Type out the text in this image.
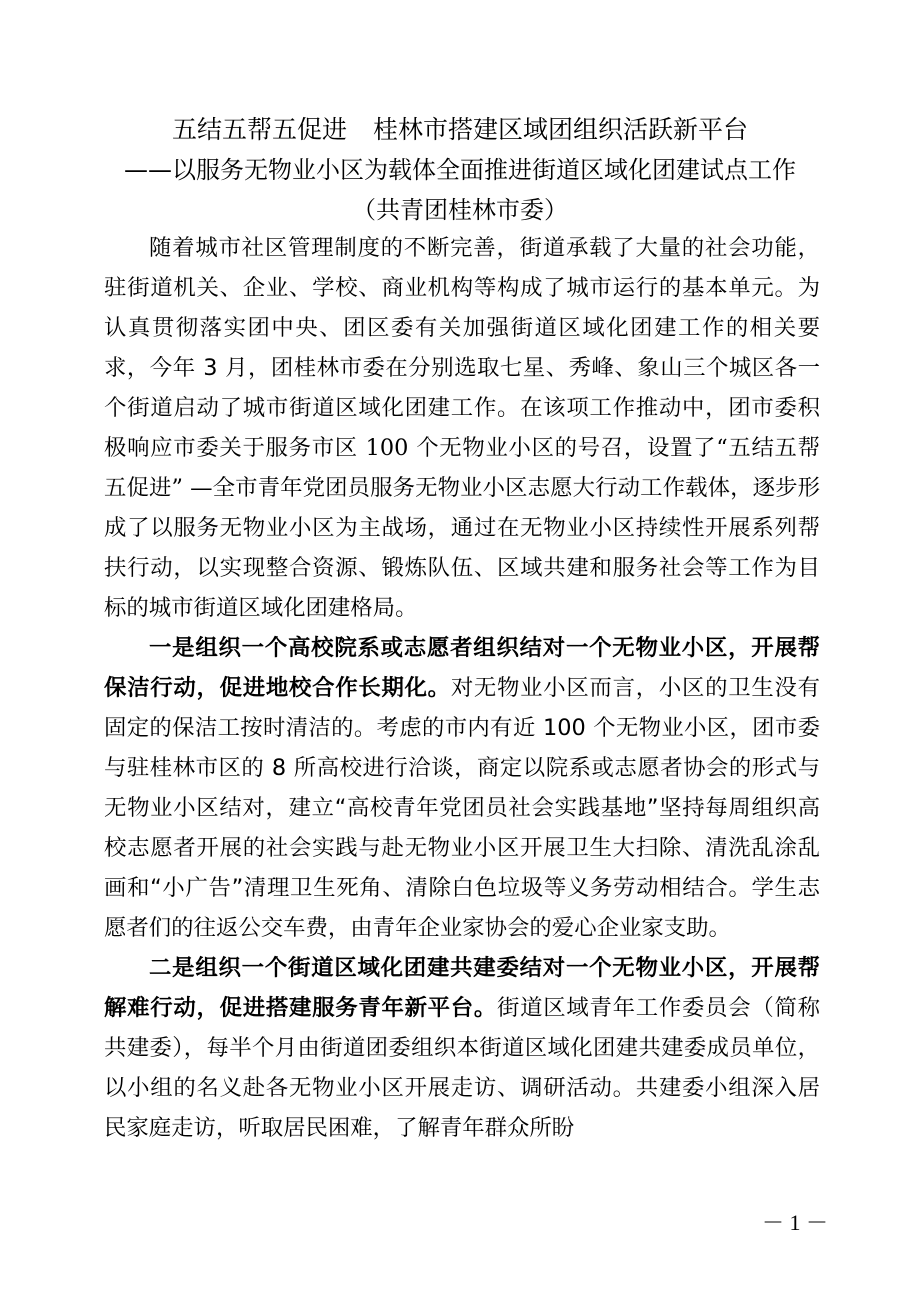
五结五帮五促进 桂林市搭建区域团组织活跃新平台
——以服务无物业小区为载体全面推进街道区域化团建试点工作
（共青团桂林市委）

随着城市社区管理制度的不断完善，街道承载了大量的社会功能，驻街道机关、企业、学校、商业机构等构成了城市运行的基本单元。为认真贯彻落实团中央、团区委有关加强街道区域化团建工作的相关要求，今年 3 月，团桂林市委在分别选取七星、秀峰、象山三个城区各一个街道启动了城市街道区域化团建工作。在该项工作推动中，团市委积极响应市委关于服务市区 100 个无物业小区的号召，设置了“五结五帮五促进” —全市青年党团员服务无物业小区志愿大行动工作载体，逐步形成了以服务无物业小区为主战场，通过在无物业小区持续性开展系列帮扶行动，以实现整合资源、锻炼队伍、区域共建和服务社会等工作为目标的城市街道区域化团建格局。

一是组织一个高校院系或志愿者组织结对一个无物业小区，开展帮保洁行动，促进地校合作长期化。对无物业小区而言，小区的卫生没有固定的保洁工按时清洁的。考虑的市内有近 100 个无物业小区，团市委与驻桂林市区的 8 所高校进行洽谈，商定以院系或志愿者协会的形式与无物业小区结对，建立“高校青年党团员社会实践基地”坚持每周组织高校志愿者开展的社会实践与赴无物业小区开展卫生大扫除、清洗乱涂乱画和“小广告”清理卫生死角、清除白色垃圾等义务劳动相结合。学生志愿者们的往返公交车费，由青年企业家协会的爱心企业家支助。

二是组织一个街道区域化团建共建委结对一个无物业小区，开展帮解难行动，促进搭建服务青年新平台。街道区域青年工作委员会（简称共建委），每半个月由街道团委组织本街道区域化团建共建委成员单位，以小组的名义赴各无物业小区开展走访、调研活动。共建委小组深入居民家庭走访，听取居民困难，了解青年群众所盼

－ 1 －
